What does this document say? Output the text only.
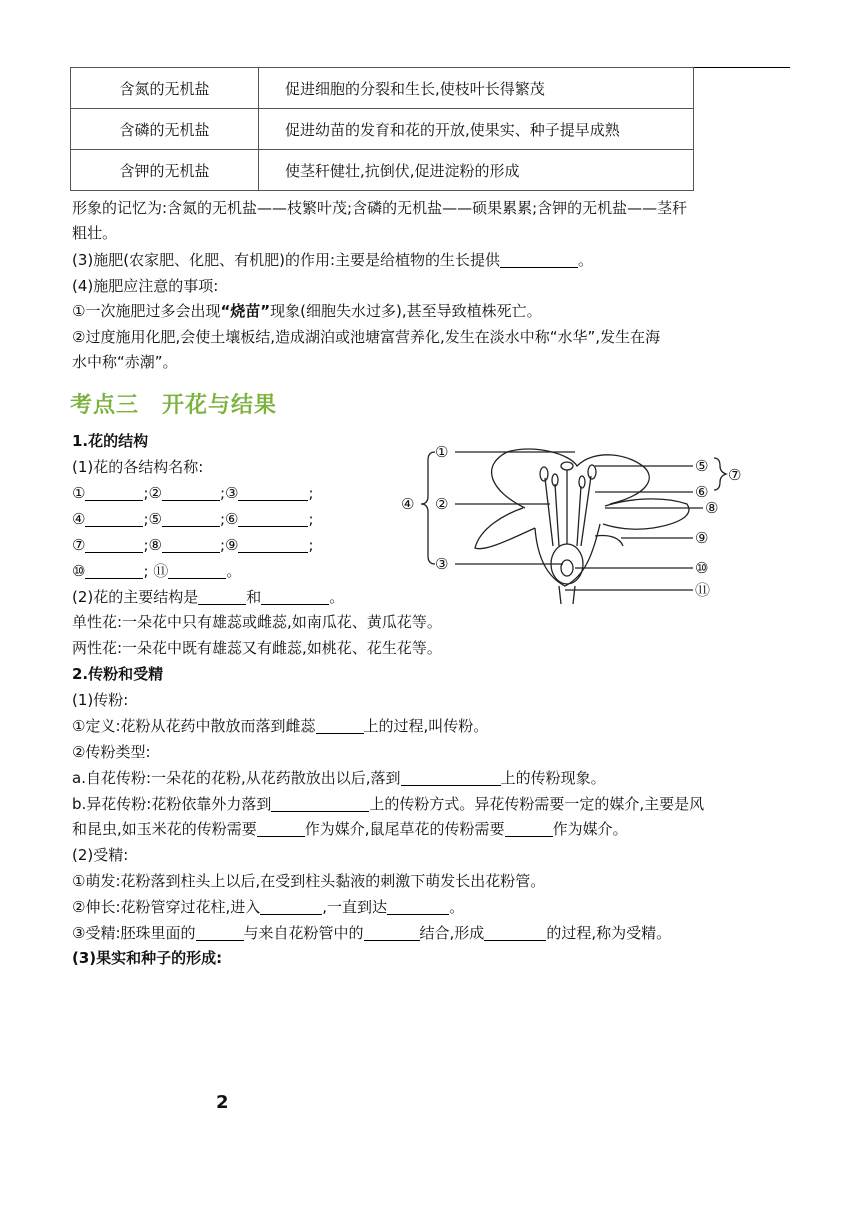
含氮的无机盐	促进细胞的分裂和生长,使枝叶长得繁茂
含磷的无机盐	促进幼苗的发育和花的开放,使果实、种子提早成熟
含钾的无机盐	使茎秆健壮,抗倒伏,促进淀粉的形成
形象的记忆为:含氮的无机盐——枝繁叶茂;含磷的无机盐——硕果累累;含钾的无机盐——茎秆
粗壮。
(3)施肥(农家肥、化肥、有机肥)的作用:主要是给植物的生长提供	。
(4)施肥应注意的事项:
①一次施肥过多会出现“烧苗”现象(细胞失水过多),甚至导致植株死亡。
②过度施用化肥,会使土壤板结,造成湖泊或池塘富营养化,发生在淡水中称“水华”,发生在海
水中称“赤潮”。
考点三　开花与结果
1.花的结构
(1)花的各结构名称:
①	;②	;③	;
④	;⑤	;⑥	;
⑦	;⑧	;⑨	;
⑩	; ⑪	。
(2)花的主要结构是	和	。
单性花:一朵花中只有雄蕊或雌蕊,如南瓜花、黄瓜花等。
两性花:一朵花中既有雄蕊又有雌蕊,如桃花、花生花等。
2.传粉和受精
(1)传粉:
①定义:花粉从花药中散放而落到雌蕊	上的过程,叫传粉。
②传粉类型:
a.自花传粉:一朵花的花粉,从花药散放出以后,落到	上的传粉现象。
b.异花传粉:花粉依靠外力落到	上的传粉方式。异花传粉需要一定的媒介,主要是风
和昆虫,如玉米花的传粉需要	作为媒介,鼠尾草花的传粉需要	作为媒介。
(2)受精:
①萌发:花粉落到柱头上以后,在受到柱头黏液的刺激下萌发长出花粉管。
②伸长:花粉管穿过花柱,进入	,一直到达	。
③受精:胚珠里面的	与来自花粉管中的	结合,形成	的过程,称为受精。
(3)果实和种子的形成:
①
②
③
④
⑤
⑥
⑦
⑧
⑨
⑩
⑪
2
